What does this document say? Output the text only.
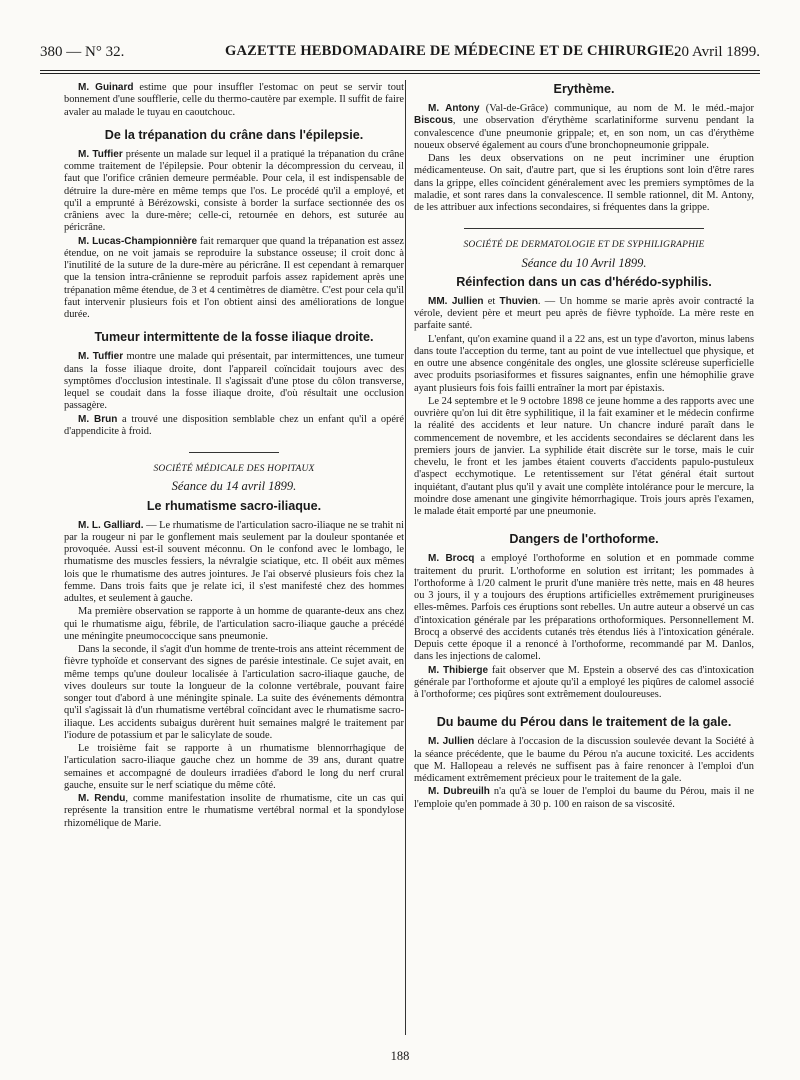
380 — N° 32.	GAZETTE HEBDOMADAIRE DE MÉDECINE ET DE CHIRURGIE.
20 Avril 1899.
M. Guinard estime que pour insuffler l'estomac on peut se servir tout bonnement d'une soufflerie, celle du thermo-cautère par exemple. Il suffit de faire avaler au malade le tuyau en caoutchouc.
De la trépanation du crâne dans l'épilepsie.
M. Tuffier présente un malade sur lequel il a pratiqué la trépanation du crâne comme traitement de l'épilepsie. Pour obtenir la décompression du cerveau, il faut que l'orifice crânien demeure perméable. Pour cela, il est indispensable de détruire la dure-mère en même temps que l'os. Le procédé qu'il a employé, et qu'il a emprunté à Bérézowski, consiste à border la surface sectionnée des os crâniens avec la dure-mère; celle-ci, retournée en dehors, est suturée au péricrâne.
M. Lucas-Championnière fait remarquer que quand la trépanation est assez étendue, on ne voit jamais se reproduire la substance osseuse; il croit donc à l'inutilité de la suture de la dure-mère au péricrâne. Il est cependant à remarquer que la tension intra-crânienne se reproduit parfois assez rapidement après une trépanation même étendue, de 3 et 4 centimètres de diamètre. C'est pour cela qu'il faut intervenir plusieurs fois et l'on obtient ainsi des améliorations de longue durée.
Tumeur intermittente de la fosse iliaque droite.
M. Tuffier montre une malade qui présentait, par intermittences, une tumeur dans la fosse iliaque droite, dont l'appareil coïncidait toujours avec des symptômes d'occlusion intestinale. Il s'agissait d'une ptose du côlon transverse, lequel se coudait dans la fosse iliaque droite, d'où résultait une occlusion passagère.
M. Brun a trouvé une disposition semblable chez un enfant qu'il a opéré d'appendicite à froid.
SOCIÉTÉ MÉDICALE DES HOPITAUX
Séance du 14 avril 1899.
Le rhumatisme sacro-iliaque.
M. L. Galliard. — Le rhumatisme de l'articulation sacro-iliaque ne se trahit ni par la rougeur ni par le gonflement mais seulement par la douleur spontanée et provoquée. Aussi est-il souvent méconnu. On le confond avec le lombago, le rhumatisme des muscles fessiers, la névralgie sciatique, etc. Il obéit aux mêmes lois que le rhumatisme des autres jointures. Je l'ai observé plusieurs fois chez la femme. Dans trois faits que je relate ici, il s'est manifesté chez des hommes adultes, et seulement à gauche.
Ma première observation se rapporte à un homme de quarante-deux ans chez qui le rhumatisme aigu, fébrile, de l'articulation sacro-iliaque gauche a précédé une méningite pneumococcique sans pneumonie.
Dans la seconde, il s'agit d'un homme de trente-trois ans atteint récemment de fièvre typhoïde et conservant des signes de parésie intestinale. Ce sujet avait, en même temps qu'une douleur localisée à l'articulation sacro-iliaque gauche, de vives douleurs sur toute la longueur de la colonne vertébrale, pouvant faire songer tout d'abord à une méningite spinale. La suite des événements démontra qu'il s'agissait là d'un rhumatisme vertébral coïncidant avec le rhumatisme sacro-iliaque. Les accidents subaigus durèrent huit semaines malgré le traitement par l'iodure de potassium et par le salicylate de soude.
Le troisième fait se rapporte à un rhumatisme blennorrhagique de l'articulation sacro-iliaque gauche chez un homme de 39 ans, durant quatre semaines et accompagné de douleurs irradiées d'abord le long du nerf crural gauche, ensuite sur le nerf sciatique du même côté.
M. Rendu, comme manifestation insolite de rhumatisme, cite un cas qui représente la transition entre le rhumatisme vertébral normal et la spondylose rhizomélique de Marie.
Erythème.
M. Antony (Val-de-Grâce) communique, au nom de M. le méd.-major Biscous, une observation d'érythème scarlatiniforme survenu pendant la convalescence d'une pneumonie grippale; et, en son nom, un cas d'érythème noueux observé également au cours d'une bronchopneumonie grippale.
Dans les deux observations on ne peut incriminer une éruption médicamenteuse. On sait, d'autre part, que si les éruptions sont loin d'être rares dans la grippe, elles coïncident généralement avec les premiers symptômes de la maladie, et sont rares dans la convalescence. Il semble rationnel, dit M. Antony, de les attribuer aux infections secondaires, si fréquentes dans la grippe.
SOCIÉTÉ DE DERMATOLOGIE ET DE SYPHILIGRAPHIE
Séance du 10 Avril 1899.
Réinfection dans un cas d'hérédo-syphilis.
MM. Jullien et Thuvien. — Un homme se marie après avoir contracté la vérole, devient père et meurt peu après de fièvre typhoïde. La mère reste en parfaite santé.
L'enfant, qu'on examine quand il a 22 ans, est un type d'avorton, minus labens dans toute l'acception du terme, tant au point de vue intellectuel que physique, et en outre une absence congénitale des ongles, une glossite scléreuse superficielle avec produits psoriasiformes et fissures saignantes, enfin une hémophilie grave ayant plusieurs fois fois failli entraîner la mort par épistaxis.
Le 24 septembre et le 9 octobre 1898 ce jeune homme a des rapports avec une ouvrière qu'on lui dit être syphilitique, il la fait examiner et le médecin confirme la réalité des accidents et leur nature. Un chancre induré paraît dans le commencement de novembre, et les accidents secondaires se déclarent dans les premiers jours de janvier. La syphilide était discrète sur le torse, mais le cuir chevelu, le front et les jambes étaient couverts d'accidents papulo-pustuleux d'aspect ecchymotique. Le retentissement sur l'état général était surtout inquiétant, d'autant plus qu'il y avait une complète intolérance pour le mercure, la moindre dose amenant une gingivite hémorrhagique. Trois jours après l'examen, le malade était emporté par une pneumonie.
Dangers de l'orthoforme.
M. Brocq a employé l'orthoforme en solution et en pommade comme traitement du prurit. L'orthoforme en solution est irritant; les pommades à l'orthoforme à 1/20 calment le prurit d'une manière très nette, mais en 48 heures ou 3 jours, il y a toujours des éruptions artificielles extrêmement prurigineuses elles-mêmes. Parfois ces éruptions sont rebelles. Un autre auteur a observé un cas d'intoxication générale par les préparations orthoformiques. Personnellement M. Brocq a observé des accidents cutanés très étendus liés à l'intoxication générale. Depuis cette époque il a renoncé à l'orthoforme, recommandé par M. Danlos, dans les injections de calomel.
M. Thibierge fait observer que M. Epstein a observé des cas d'intoxication générale par l'orthoforme et ajoute qu'il a employé les piqûres de calomel associé à l'orthoforme; ces piqûres sont extrêmement douloureuses.
Du baume du Pérou dans le traitement de la gale.
M. Jullien déclare à l'occasion de la discussion soulevée devant la Société à la séance précédente, que le baume du Pérou n'a aucune toxicité. Les accidents que M. Hallopeau a relevés ne suffisent pas à faire renoncer à l'emploi d'un médicament extrêmement précieux pour le traitement de la gale.
M. Dubreuilh n'a qu'à se louer de l'emploi du baume du Pérou, mais il ne l'emploie qu'en pommade à 30 p. 100 en raison de sa viscosité.
188
